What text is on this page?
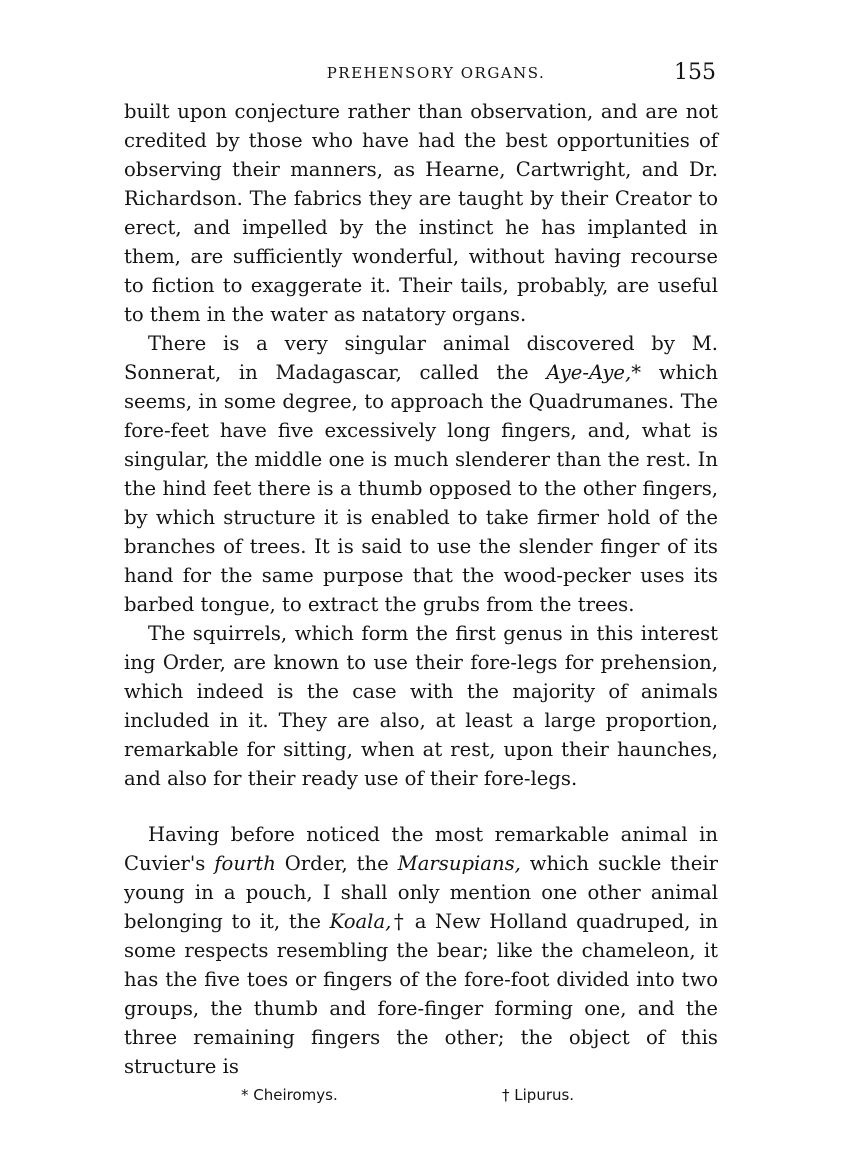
PREHENSORY ORGANS.	155

built upon conjecture rather than observation, and are not credited by those who have had the best opportunities of observing their manners, as Hearne, Cartwright, and Dr. Richardson. The fabrics they are taught by their Creator to erect, and impelled by the instinct he has implanted in them, are sufficiently wonderful, without having recourse to fiction to exaggerate it. Their tails, probably, are useful to them in the water as natatory organs.

There is a very singular animal discovered by M. Sonnerat, in Madagascar, called the Aye-Aye,* which seems, in some degree, to approach the Quadrumanes. The fore-feet have five excessively long fingers, and, what is singular, the middle one is much slenderer than the rest. In the hind feet there is a thumb opposed to the other fingers, by which structure it is enabled to take firmer hold of the branches of trees. It is said to use the slender finger of its hand for the same purpose that the wood-pecker uses its barbed tongue, to extract the grubs from the trees.

The squirrels, which form the first genus in this interest ing Order, are known to use their fore-legs for prehension, which indeed is the case with the majority of animals included in it. They are also, at least a large proportion, remarkable for sitting, when at rest, upon their haunches, and also for their ready use of their fore-legs.

Having before noticed the most remarkable animal in Cuvier's fourth Order, the Marsupians, which suckle their young in a pouch, I shall only mention one other animal belonging to it, the Koala,† a New Holland quadruped, in some respects resembling the bear; like the chameleon, it has the five toes or fingers of the fore-foot divided into two groups, the thumb and fore-finger forming one, and the three remaining fingers the other; the object of this structure is

* Cheiromys.	† Lipurus.
